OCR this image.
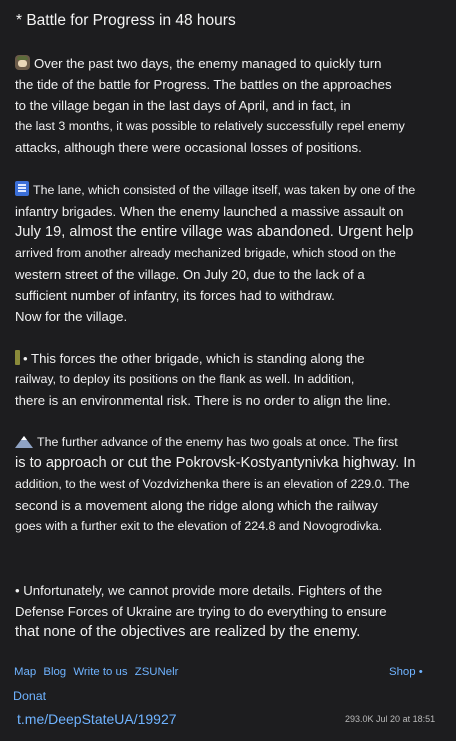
* Battle for Progress in 48 hours
Over the past two days, the enemy managed to quickly turn
the tide of the battle for Progress. The battles on the approaches
to the village began in the last days of April, and in fact, in
the last 3 months, it was possible to relatively successfully repel enemy
attacks, although there were occasional losses of positions.
The lane, which consisted of the village itself, was taken by one of the
infantry brigades. When the enemy launched a massive assault on
July 19, almost the entire village was abandoned. Urgent help
arrived from another already mechanized brigade, which stood on the
western street of the village. On July 20, due to the lack of a
sufficient number of infantry, its forces had to withdraw.
Now for the village.
• This forces the other brigade, which is standing along the
railway, to deploy its positions on the flank as well. In addition,
there is an environmental risk. There is no order to align the line.
The further advance of the enemy has two goals at once. The first
is to approach or cut the Pokrovsk-Kostyantynivka highway. In
addition, to the west of Vozdvizhenka there is an elevation of 229.0. The
second is a movement along the ridge along which the railway
goes with a further exit to the elevation of 224.8 and Novogrodivka.
• Unfortunately, we cannot provide more details. Fighters of the
Defense Forces of Ukraine are trying to do everything to ensure
that none of the objectives are realized by the enemy.
Map Blog Write to us ZSUNelr	Shop •
Donat
t.me/DeepStateUA/19927	293.0K Jul 20 at 18:51
